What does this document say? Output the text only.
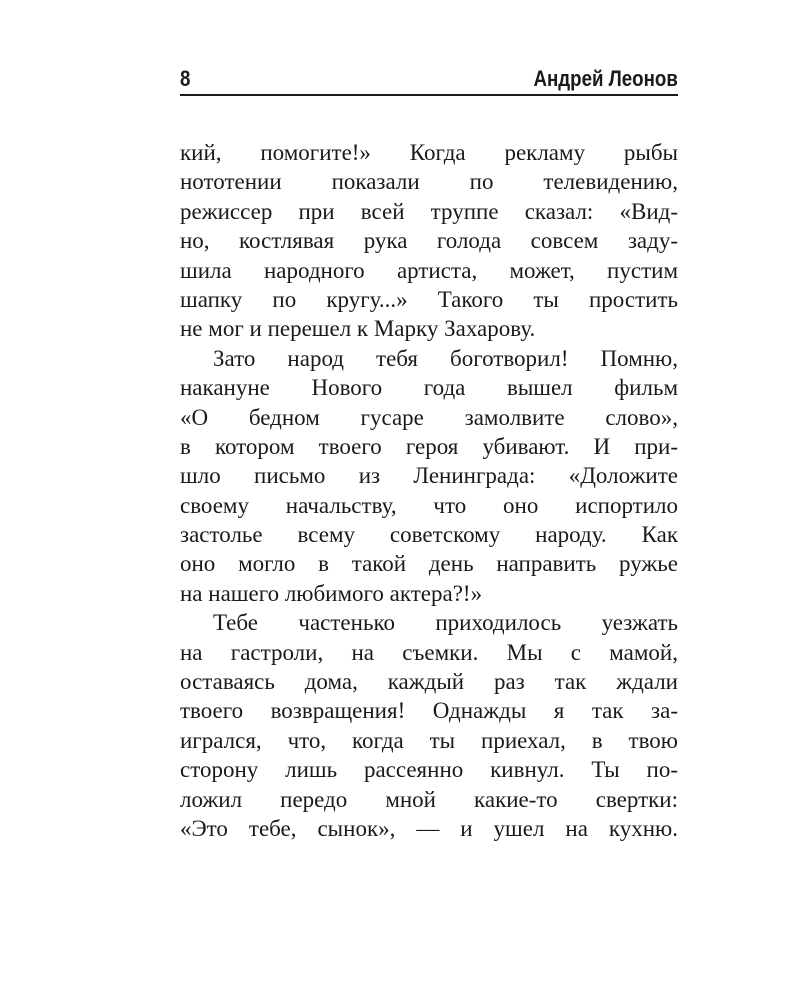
8	Андрей Леонов
кий, помогите!» Когда рекламу рыбы
нототении показали по телевидению,
режиссер при всей труппе сказал: «Вид-
но, костлявая рука голода совсем заду-
шила народного артиста, может, пустим
шапку по кругу...» Такого ты простить
не мог и перешел к Марку Захарову.
Зато народ тебя боготворил! Помню,
накануне Нового года вышел фильм
«О бедном гусаре замолвите слово»,
в котором твоего героя убивают. И при-
шло письмо из Ленинграда: «Доложите
своему начальству, что оно испортило
застолье всему советскому народу. Как
оно могло в такой день направить ружье
на нашего любимого актера?!»
Тебе частенько приходилось уезжать
на гастроли, на съемки. Мы с мамой,
оставаясь дома, каждый раз так ждали
твоего возвращения! Однажды я так за-
игрался, что, когда ты приехал, в твою
сторону лишь рассеянно кивнул. Ты по-
ложил передо мной какие-то свертки:
«Это тебе, сынок», — и ушел на кухню.
